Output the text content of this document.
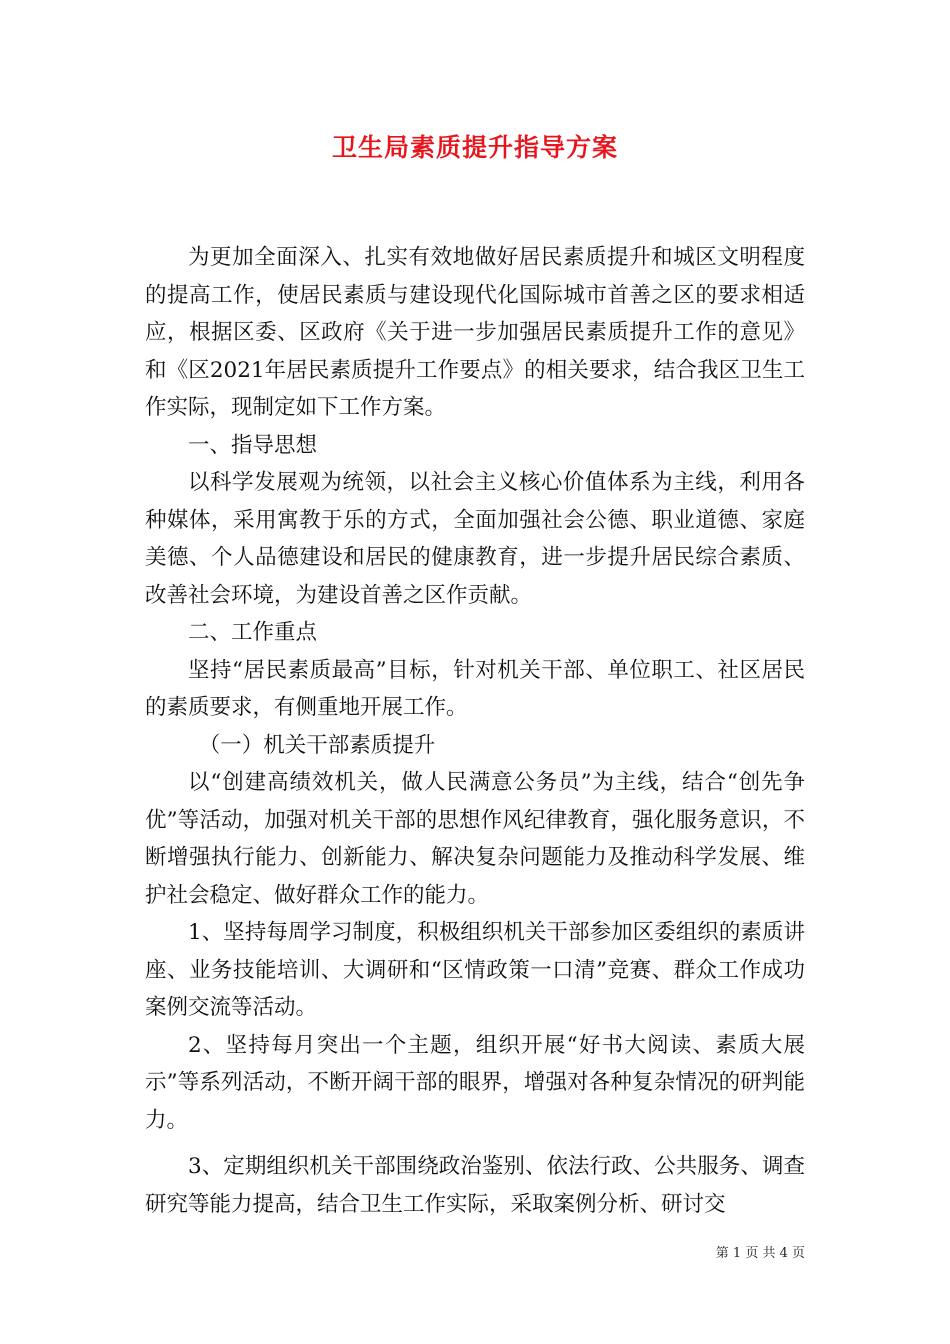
卫生局素质提升指导方案

为更加全面深入、扎实有效地做好居民素质提升和城区文明程度的提高工作，使居民素质与建设现代化国际城市首善之区的要求相适应，根据区委、区政府《关于进一步加强居民素质提升工作的意见》和《区2021年居民素质提升工作要点》的相关要求，结合我区卫生工作实际，现制定如下工作方案。

一、指导思想

以科学发展观为统领，以社会主义核心价值体系为主线，利用各种媒体，采用寓教于乐的方式，全面加强社会公德、职业道德、家庭美德、个人品德建设和居民的健康教育，进一步提升居民综合素质、改善社会环境，为建设首善之区作贡献。

二、工作重点

坚持“居民素质最高”目标，针对机关干部、单位职工、社区居民的素质要求，有侧重地开展工作。

（一）机关干部素质提升

以“创建高绩效机关，做人民满意公务员”为主线，结合“创先争优”等活动，加强对机关干部的思想作风纪律教育，强化服务意识，不断增强执行能力、创新能力、解决复杂问题能力及推动科学发展、维护社会稳定、做好群众工作的能力。

1、坚持每周学习制度，积极组织机关干部参加区委组织的素质讲座、业务技能培训、大调研和“区情政策一口清”竞赛、群众工作成功案例交流等活动。

2、坚持每月突出一个主题，组织开展“好书大阅读、素质大展示”等系列活动，不断开阔干部的眼界，增强对各种复杂情况的研判能力。

3、定期组织机关干部围绕政治鉴别、依法行政、公共服务、调查研究等能力提高，结合卫生工作实际，采取案例分析、研讨交

第 1 页 共 4 页
